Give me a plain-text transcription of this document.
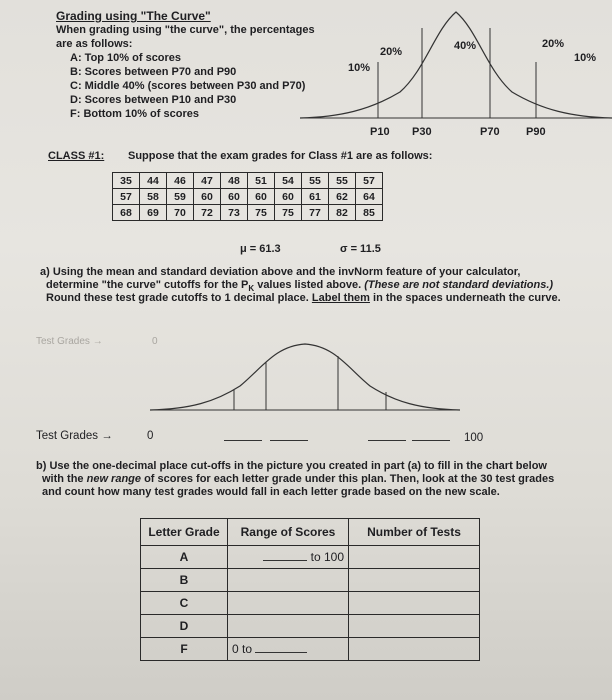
Grading using "The Curve"
When grading using "the curve", the percentages
are as follows:
A: Top 10% of scores
B: Scores between P70 and P90
C: Middle 40% (scores between P30 and P70)
D: Scores between P10 and P30
F: Bottom 10% of scores
10%
20%	40%	20%
10%
P10 P30	P70 P90
CLASS #1: Suppose that the exam grades for Class #1 are as follows:
35	44	46	47	48	51	54	55	55	57
57	58	59	60	60	60	60	61	62	64
68	69	70	72	73	75	75	77	82	85
μ = 61.3	σ = 11.5
a) Using the mean and standard deviation above and the invNorm feature of your calculator,
determine "the curve" cutoffs for the $P_K$ values listed above. (These are not standard deviations.)
Round these test grade cutoffs to 1 decimal place. Label them in the spaces underneath the curve.
Test Grades →	0
Test Grades →	0	100
b) Use the one-decimal place cut-offs in the picture you created in part (a) to fill in the chart below
with the new range of scores for each letter grade under this plan. Then, look at the 30 test grades
and count how many test grades would fall in each letter grade based on the new scale.
Letter Grade	Range of Scores	Number of Tests
A	to 100	
B		
C		
D		
F	0 to	
